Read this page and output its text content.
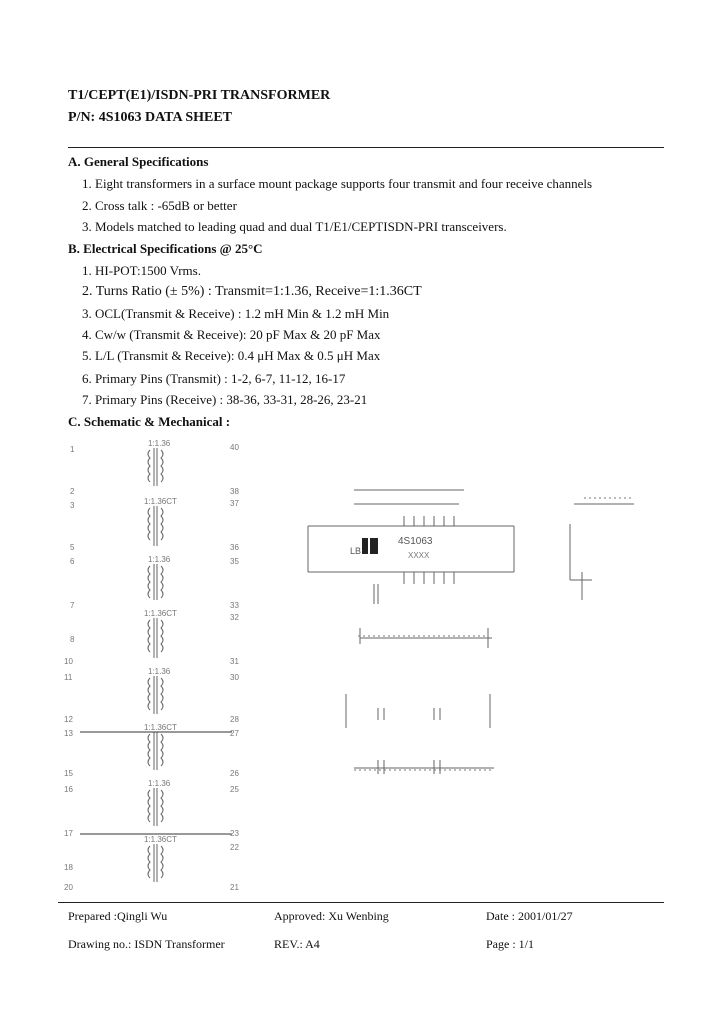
T1/CEPT(E1)/ISDN-PRI TRANSFORMER
P/N: 4S1063 DATA SHEET
A. General Specifications
1. Eight transformers in a surface mount package supports four transmit and four receive channels
2. Cross talk : -65dB or better
3. Models matched to leading quad and dual T1/E1/CEPTISDN-PRI transceivers.
B. Electrical Specifications @ 25°C
1. HI-POT:1500 Vrms.
2. Turns Ratio (± 5%) : Transmit=1:1.36, Receive=1:1.36CT
3. OCL(Transmit & Receive) : 1.2 mH Min & 1.2 mH Min
4. Cw/w (Transmit & Receive): 20 pF Max & 20 pF Max
5. L/L (Transmit & Receive): 0.4 μH Max & 0.5 μH Max
6. Primary Pins (Transmit) : 1-2, 6-7, 11-12, 16-17
7. Primary Pins (Receive) : 38-36, 33-31, 28-26, 23-21
C. Schematic & Mechanical :
1:1.36
1:1.36CT
1:1.36
1:1.36CT
1:1.36
1:1.36CT
1:1.36
1:1.36CT
1
2
3
5
6
7
8
10
11
12
13
15
16
17
18
20
40
38
37
36
35
33
32
31
30
28
27
26
25
23
22
21
4S1063
XXXX
LB
Prepared :Qingli Wu	Approved: Xu Wenbing	Date : 2001/01/27
Drawing no.: ISDN Transformer	REV.: A4	Page : 1/1
